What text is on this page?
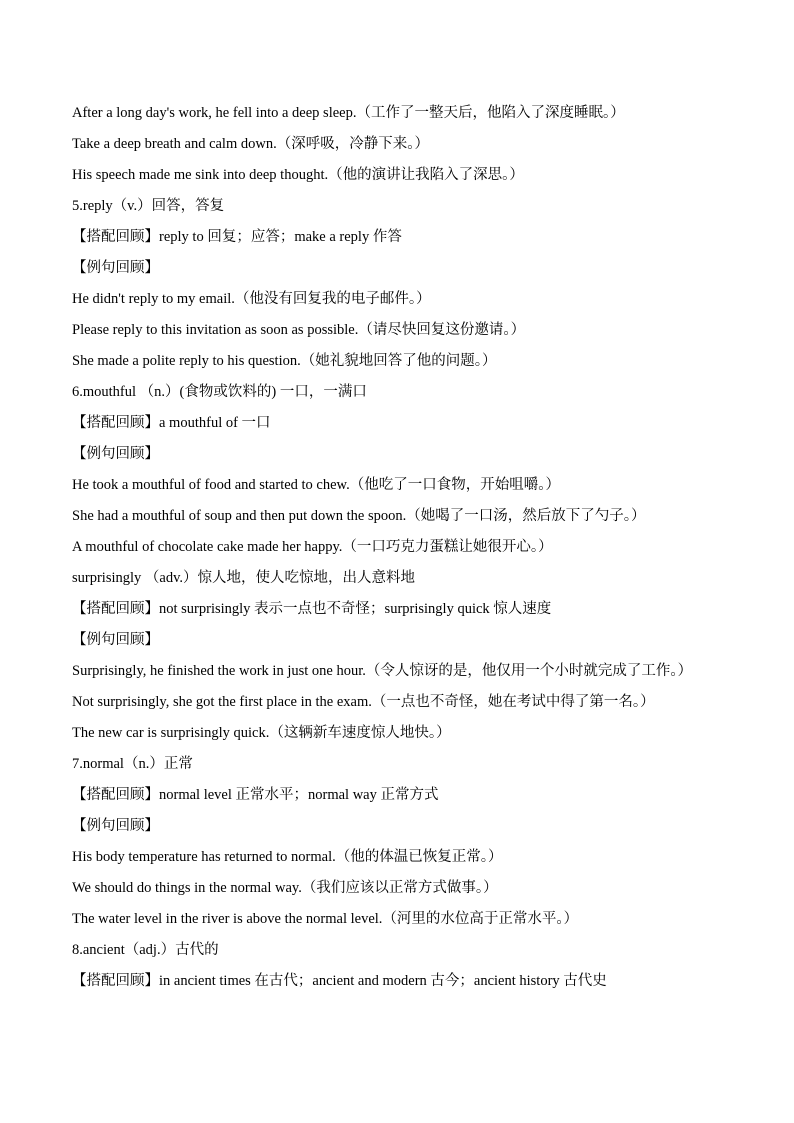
After a long day's work, he fell into a deep sleep.（工作了一整天后，他陷入了深度睡眠。）
Take a deep breath and calm down.（深呼吸，冷静下来。）
His speech made me sink into deep thought.（他的演讲让我陷入了深思。）
5.reply（v.）回答，答复
【搭配回顾】reply to 回复；应答；make a reply 作答
【例句回顾】
He didn't reply to my email.（他没有回复我的电子邮件。）
Please reply to this invitation as soon as possible.（请尽快回复这份邀请。）
She made a polite reply to his question.（她礼貌地回答了他的问题。）
6.mouthful （n.）(食物或饮料的) 一口，一满口
【搭配回顾】a mouthful of 一口
【例句回顾】
He took a mouthful of food and started to chew.（他吃了一口食物，开始咀嚼。）
She had a mouthful of soup and then put down the spoon.（她喝了一口汤，然后放下了勺子。）
A mouthful of chocolate cake made her happy.（一口巧克力蛋糕让她很开心。）
surprisingly （adv.）惊人地，使人吃惊地，出人意料地
【搭配回顾】not surprisingly 表示一点也不奇怪；surprisingly quick 惊人速度
【例句回顾】
Surprisingly, he finished the work in just one hour.（令人惊讶的是，他仅用一个小时就完成了工作。）
Not surprisingly, she got the first place in the exam.（一点也不奇怪，她在考试中得了第一名。）
The new car is surprisingly quick.（这辆新车速度惊人地快。）
7.normal（n.）正常
【搭配回顾】normal level 正常水平；normal way 正常方式
【例句回顾】
His body temperature has returned to normal.（他的体温已恢复正常。）
We should do things in the normal way.（我们应该以正常方式做事。）
The water level in the river is above the normal level.（河里的水位高于正常水平。）
8.ancient（adj.）古代的
【搭配回顾】in ancient times 在古代；ancient and modern 古今；ancient history 古代史
